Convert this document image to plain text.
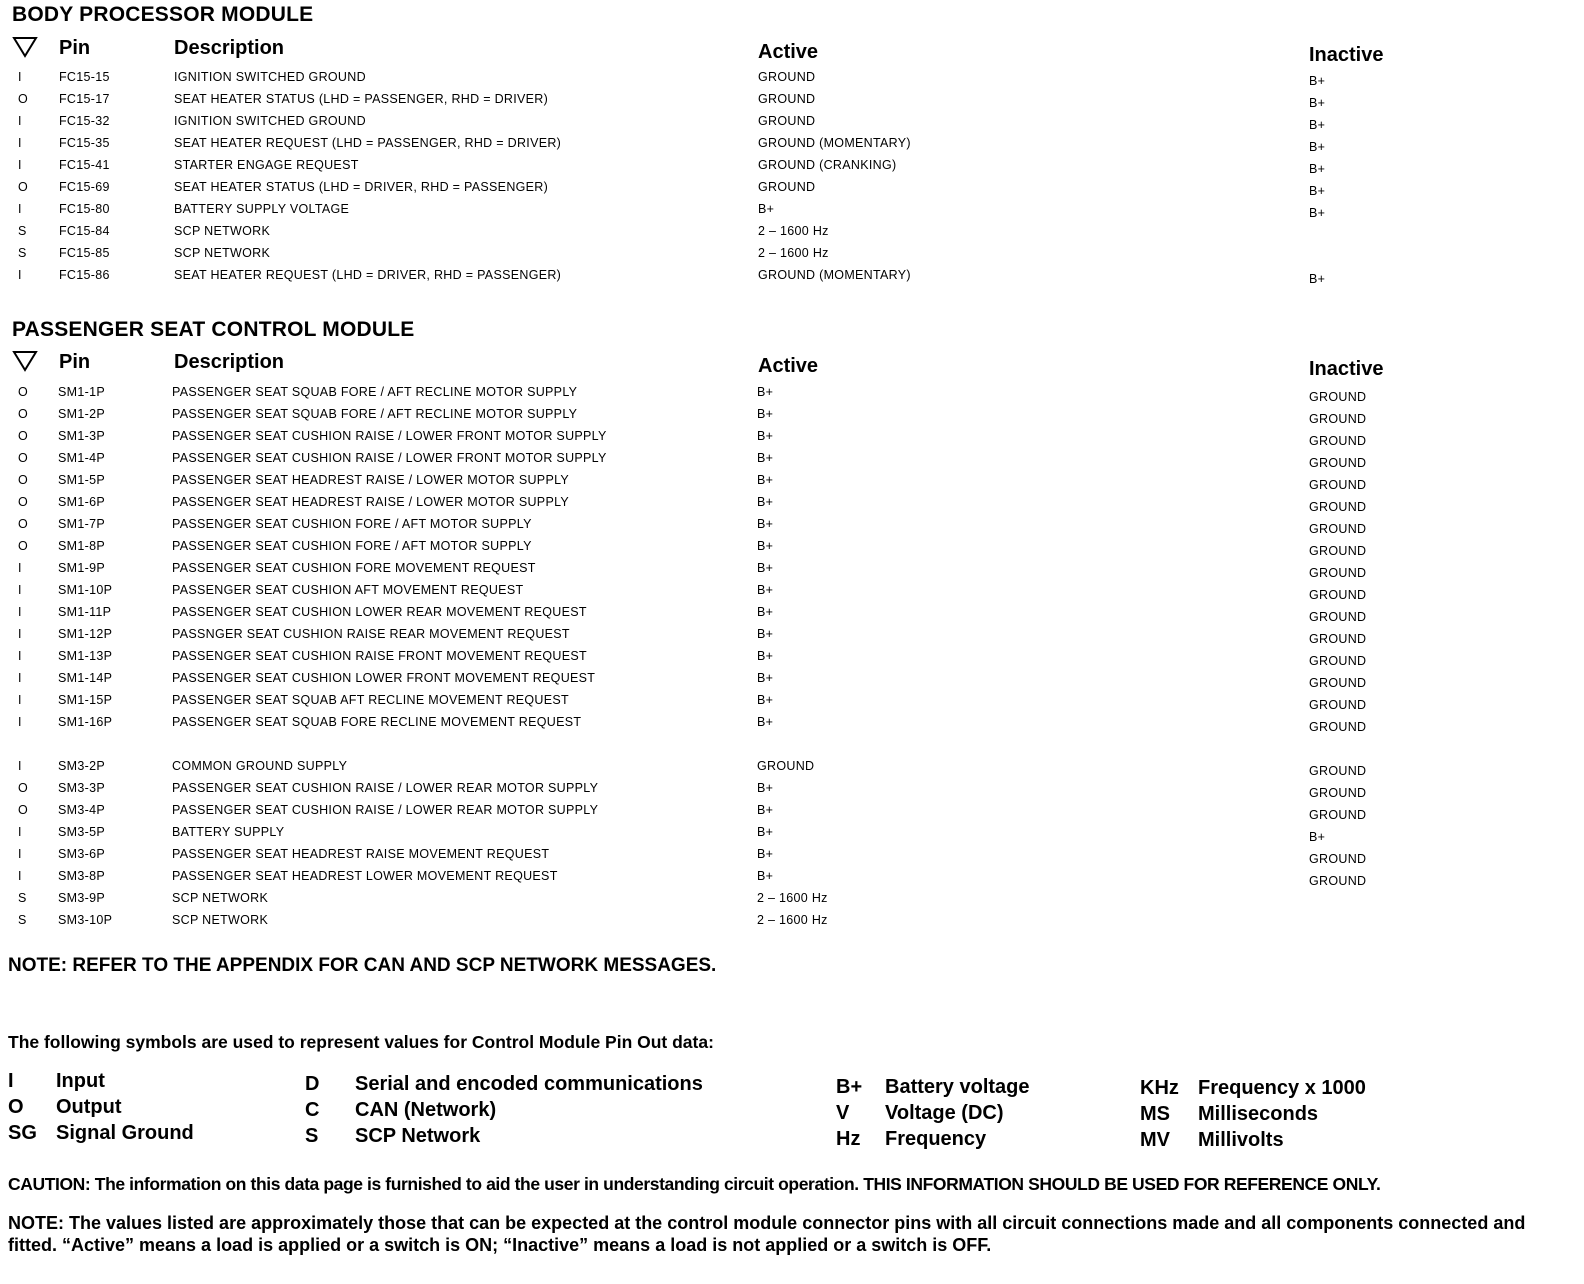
BODY PROCESSOR MODULE
Pin	Description	Active	Inactive
I	FC15-15	IGNITION SWITCHED GROUND	GROUND	B+
O FC15-17	SEAT HEATER STATUS (LHD = PASSENGER, RHD = DRIVER)	GROUND	B+
I	FC15-32	IGNITION SWITCHED GROUND	GROUND	B+
I	FC15-35	SEAT HEATER REQUEST (LHD = PASSENGER, RHD = DRIVER)	GROUND (MOMENTARY)	B+
I	FC15-41	STARTER ENGAGE REQUEST	GROUND (CRANKING)	B+
O FC15-69	SEAT HEATER STATUS (LHD = DRIVER, RHD = PASSENGER)	GROUND	B+
I	FC15-80	BATTERY SUPPLY VOLTAGE	B+	B+
S	FC15-84	SCP NETWORK	2 – 1600 Hz
S	FC15-85	SCP NETWORK	2 – 1600 Hz
I	FC15-86	SEAT HEATER REQUEST (LHD = DRIVER, RHD = PASSENGER)	GROUND (MOMENTARY)	B+
PASSENGER SEAT CONTROL MODULE
Pin	Description	Active	Inactive
O SM1-1P	PASSENGER SEAT SQUAB FORE / AFT RECLINE MOTOR SUPPLY	B+	GROUND
O SM1-2P	PASSENGER SEAT SQUAB FORE / AFT RECLINE MOTOR SUPPLY	B+	GROUND
O SM1-3P	PASSENGER SEAT CUSHION RAISE / LOWER FRONT MOTOR SUPPLY	B+	GROUND
O SM1-4P	PASSENGER SEAT CUSHION RAISE / LOWER FRONT MOTOR SUPPLY	B+	GROUND
O SM1-5P	PASSENGER SEAT HEADREST RAISE / LOWER MOTOR SUPPLY	B+	GROUND
O SM1-6P	PASSENGER SEAT HEADREST RAISE / LOWER MOTOR SUPPLY	B+	GROUND
O SM1-7P	PASSENGER SEAT CUSHION FORE / AFT MOTOR SUPPLY	B+	GROUND
O SM1-8P	PASSENGER SEAT CUSHION FORE / AFT MOTOR SUPPLY	B+	GROUND
I	SM1-9P	PASSENGER SEAT CUSHION FORE MOVEMENT REQUEST	B+	GROUND
I	SM1-10P	PASSENGER SEAT CUSHION AFT MOVEMENT REQUEST	B+	GROUND
I	SM1-11P	PASSENGER SEAT CUSHION LOWER REAR MOVEMENT REQUEST	B+	GROUND
I	SM1-12P	PASSNGER SEAT CUSHION RAISE REAR MOVEMENT REQUEST	B+	GROUND
I	SM1-13P	PASSENGER SEAT CUSHION RAISE FRONT MOVEMENT REQUEST	B+	GROUND
I	SM1-14P	PASSENGER SEAT CUSHION LOWER FRONT MOVEMENT REQUEST	B+	GROUND
I	SM1-15P	PASSENGER SEAT SQUAB AFT RECLINE MOVEMENT REQUEST	B+	GROUND
I	SM1-16P	PASSENGER SEAT SQUAB FORE RECLINE MOVEMENT REQUEST	B+	GROUND
I	SM3-2P	COMMON GROUND SUPPLY	GROUND	GROUND
O SM3-3P	PASSENGER SEAT CUSHION RAISE / LOWER REAR MOTOR SUPPLY	B+	GROUND
O SM3-4P	PASSENGER SEAT CUSHION RAISE / LOWER REAR MOTOR SUPPLY	B+	GROUND
I	SM3-5P	BATTERY SUPPLY	B+	B+
I	SM3-6P	PASSENGER SEAT HEADREST RAISE MOVEMENT REQUEST	B+	GROUND
I	SM3-8P	PASSENGER SEAT HEADREST LOWER MOVEMENT REQUEST	B+	GROUND
S	SM3-9P	SCP NETWORK	2 – 1600 Hz
S	SM3-10P	SCP NETWORK	2 – 1600 Hz
NOTE: REFER TO THE APPENDIX FOR CAN AND SCP NETWORK MESSAGES.
The following symbols are used to represent values for Control Module Pin Out data:
I Input
O Output
SG Signal Ground
D Serial and encoded communications
C CAN (Network)
S SCP Network
B+ Battery voltage
V Voltage (DC)
Hz Frequency
KHz Frequency x 1000
MS Milliseconds
MV Millivolts
CAUTION: The information on this data page is furnished to aid the user in understanding circuit operation. THIS INFORMATION SHOULD BE USED FOR REFERENCE ONLY.
NOTE: The values listed are approximately those that can be expected at the control module connector pins with all circuit connections made and all components connected and fitted. “Active” means a load is applied or a switch is ON; “Inactive” means a load is not applied or a switch is OFF.
